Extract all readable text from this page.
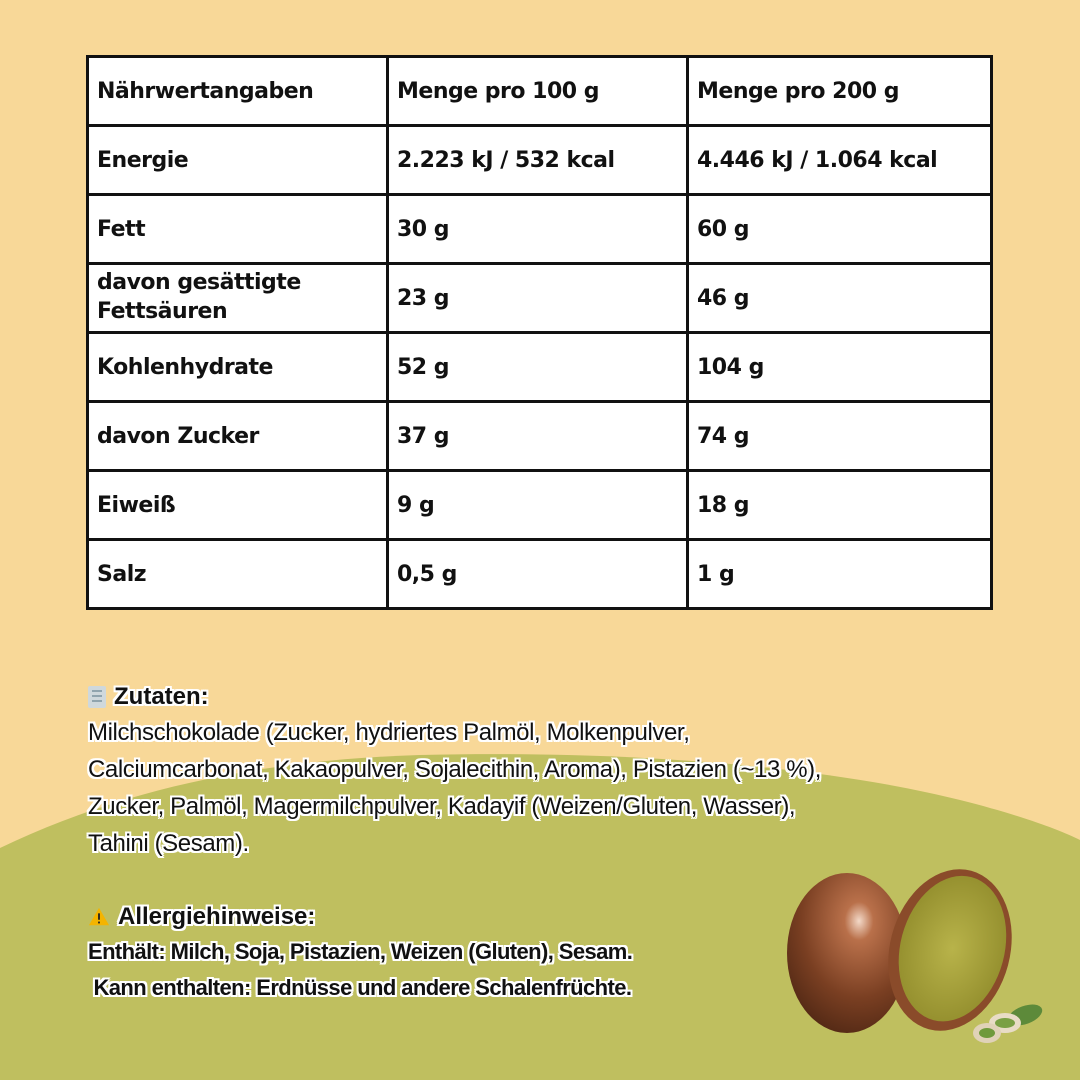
Nährwertangaben	Menge pro 100 g	Menge pro 200 g
Energie	2.223 kJ / 532 kcal	4.446 kJ / 1.064 kcal
Fett	30 g	60 g
davon gesättigte Fettsäuren	23 g	46 g
Kohlenhydrate	52 g	104 g
davon Zucker	37 g	74 g
Eiweiß	9 g	18 g
Salz	0,5 g	1 g
Zutaten:
Milchschokolade (Zucker, hydriertes Palmöl, Molkenpulver,
Calciumcarbonat, Kakaopulver, Sojalecithin, Aroma), Pistazien (~13 %),
Zucker, Palmöl, Magermilchpulver, Kadayif (Weizen/Gluten, Wasser),
Tahini (Sesam).
Allergiehinweise:
Enthält: Milch, Soja, Pistazien, Weizen (Gluten), Sesam.
Kann enthalten: Erdnüsse und andere Schalenfrüchte.
